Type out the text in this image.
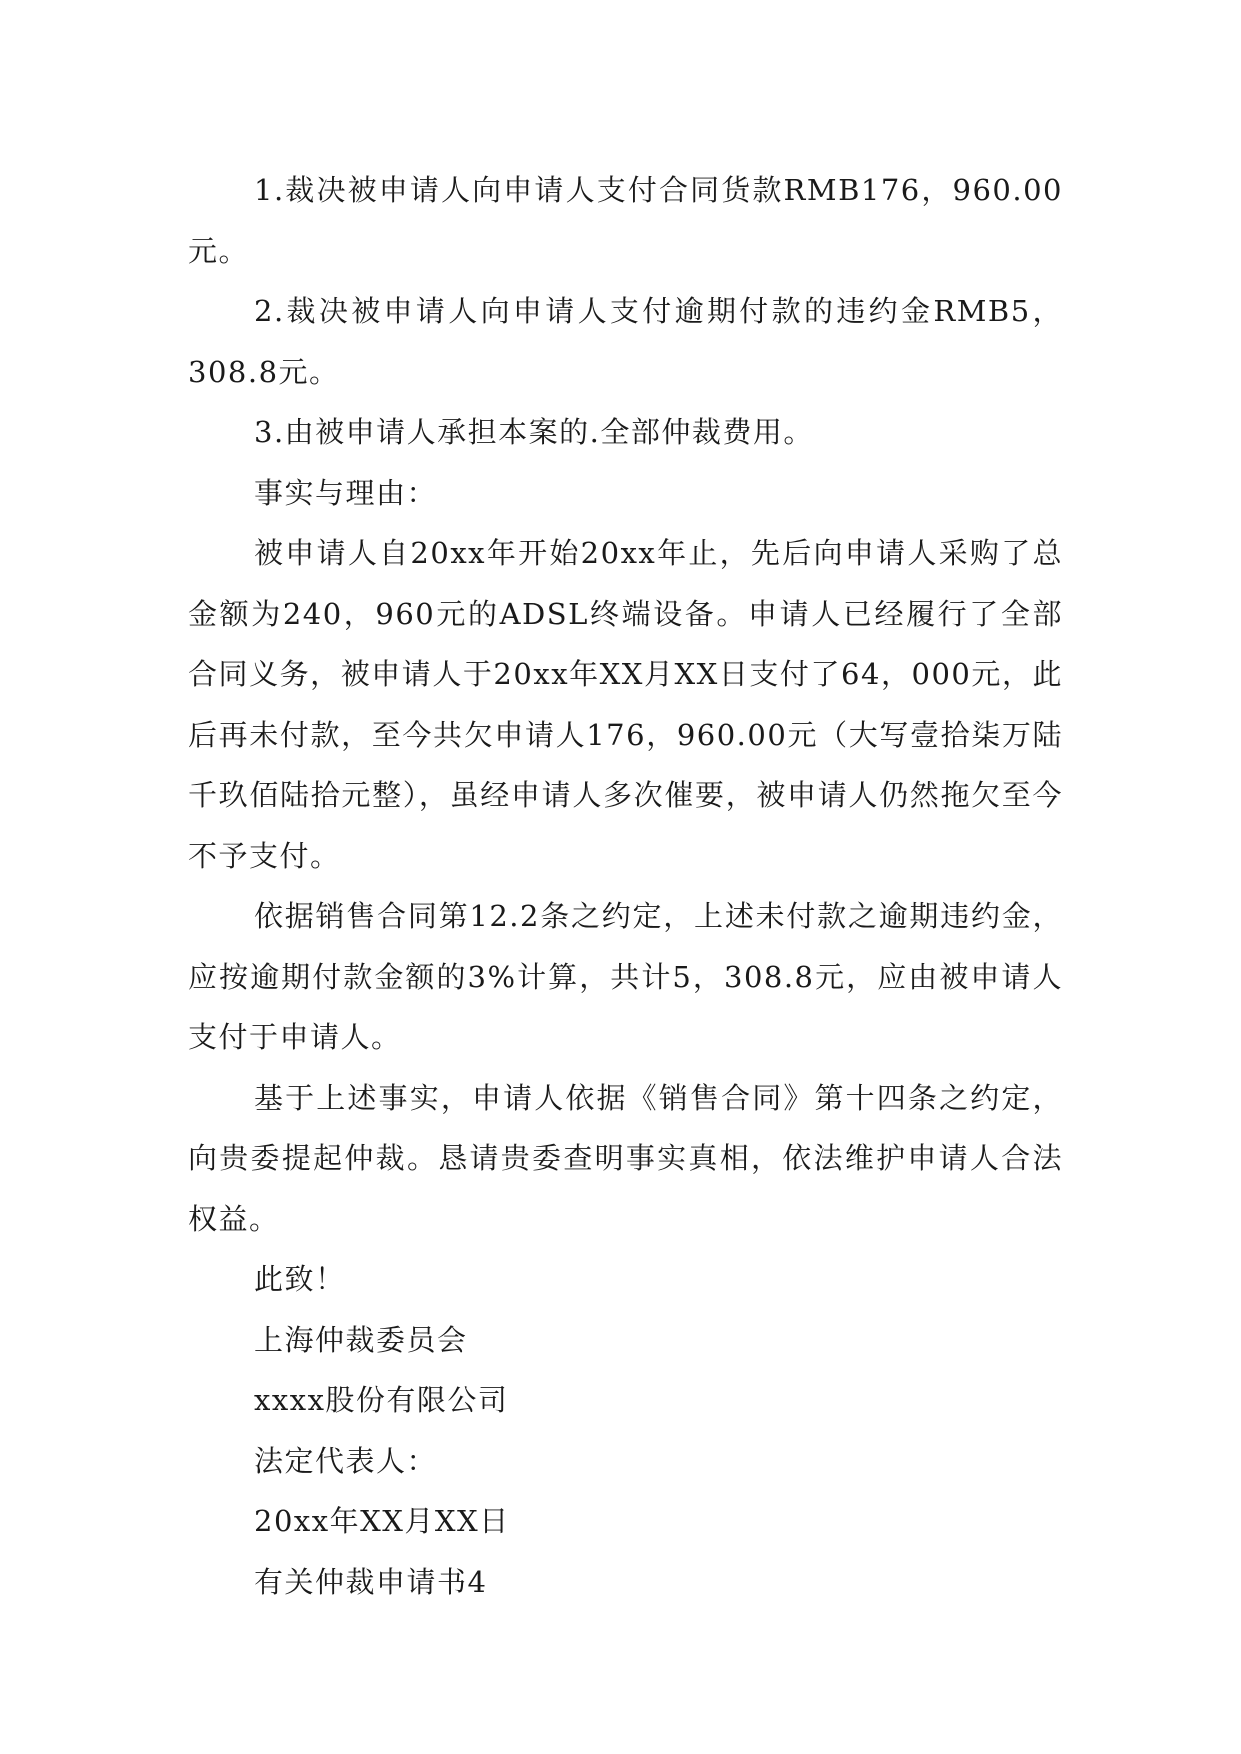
1.裁决被申请人向申请人支付合同货款RMB176，960.00元。

2.裁决被申请人向申请人支付逾期付款的违约金RMB5，308.8元。

3.由被申请人承担本案的.全部仲裁费用。

事实与理由：

被申请人自20xx年开始20xx年止，先后向申请人采购了总金额为240，960元的ADSL终端设备。申请人已经履行了全部合同义务，被申请人于20xx年XX月XX日支付了64，000元，此后再未付款，至今共欠申请人176，960.00元（大写壹拾柒万陆千玖佰陆拾元整），虽经申请人多次催要，被申请人仍然拖欠至今不予支付。

依据销售合同第12.2条之约定，上述未付款之逾期违约金，应按逾期付款金额的3%计算，共计5，308.8元，应由被申请人支付于申请人。

基于上述事实，申请人依据《销售合同》第十四条之约定，向贵委提起仲裁。恳请贵委查明事实真相，依法维护申请人合法权益。

此致！

上海仲裁委员会

xxxx股份有限公司

法定代表人：

20xx年XX月XX日

有关仲裁申请书4
